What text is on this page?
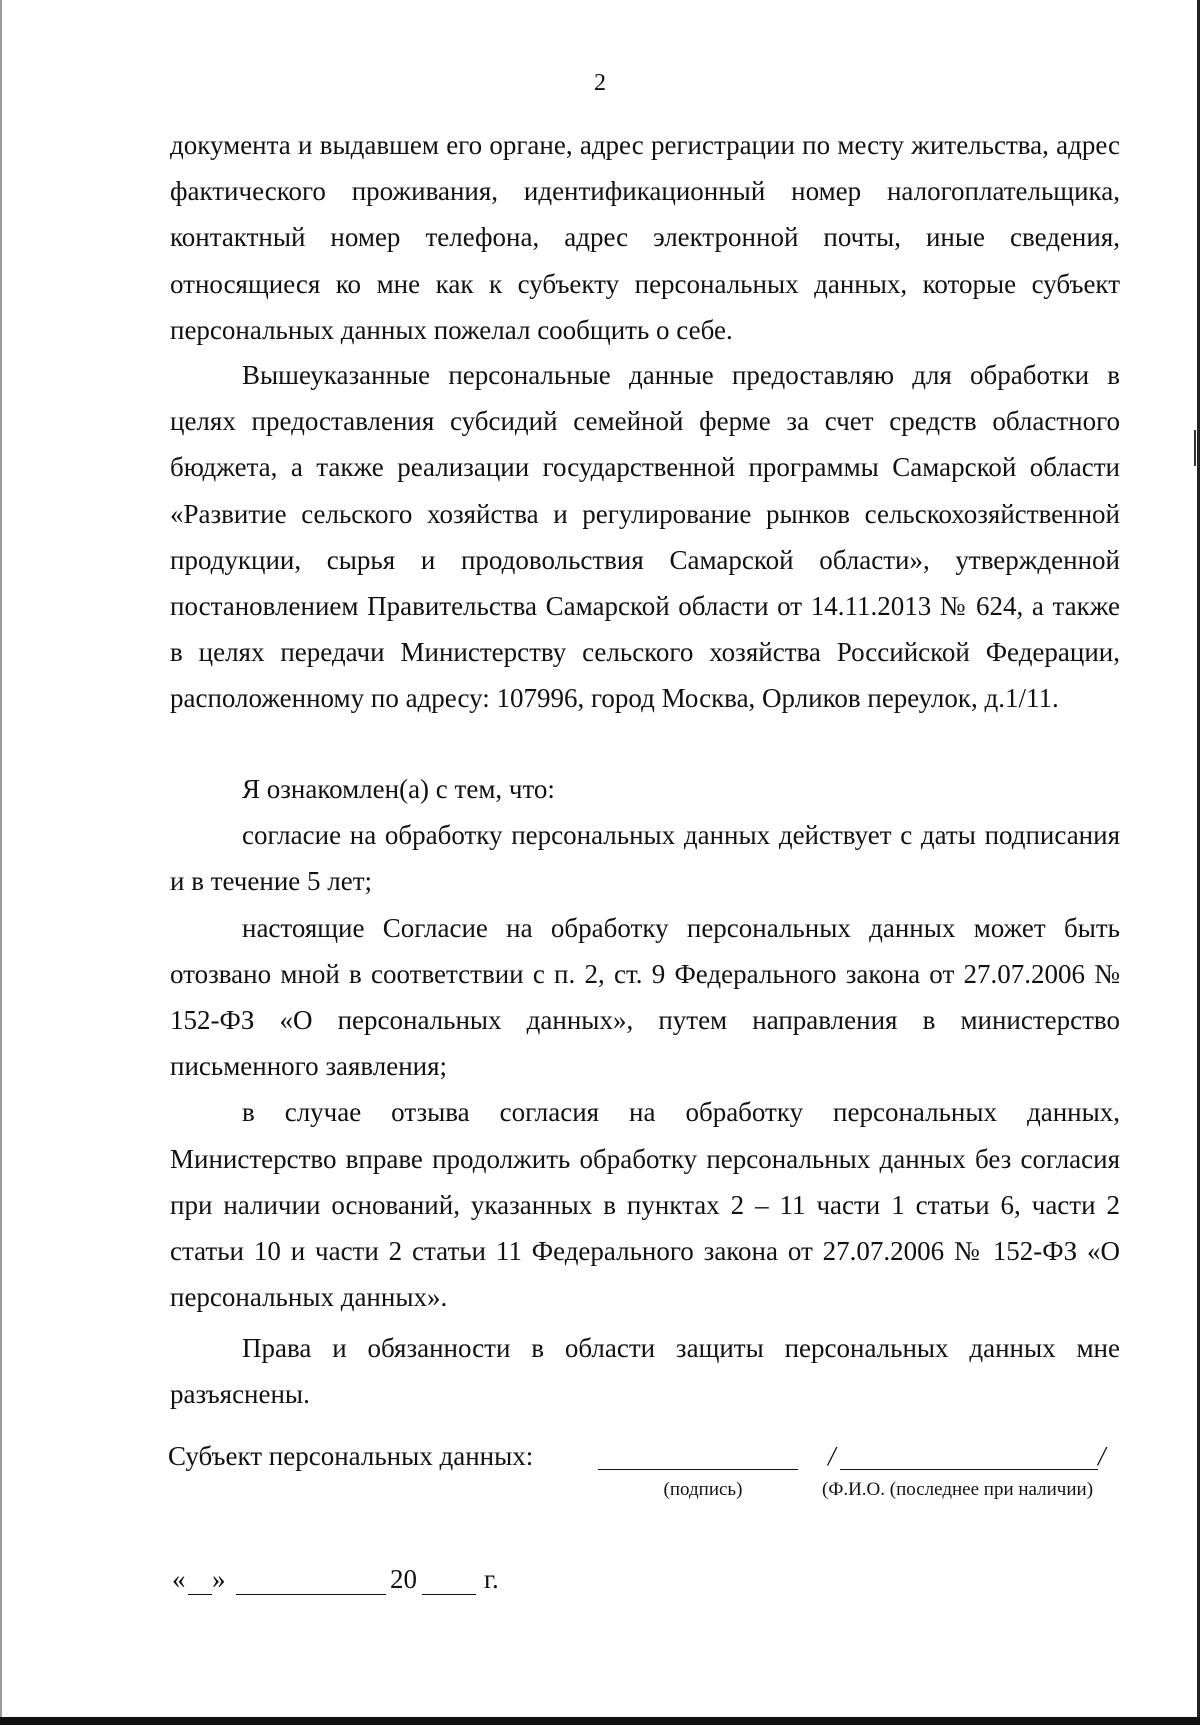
2

документа и выдавшем его органе, адрес регистрации по месту жительства, адрес фактического проживания, идентификационный номер налогоплательщика, контактный номер телефона, адрес электронной почты, иные сведения, относящиеся ко мне как к субъекту персональных данных, которые субъект персональных данных пожелал сообщить о себе.

Вышеуказанные персональные данные предоставляю для обработки в целях предоставления субсидий семейной ферме за счет средств областного бюджета, а также реализации государственной программы Самарской области «Развитие сельского хозяйства и регулирование рынков сельскохозяйственной продукции, сырья и продовольствия Самарской области», утвержденной постановлением Правительства Самарской области от 14.11.2013 № 624, а также в целях передачи Министерству сельского хозяйства Российской Федерации, расположенному по адресу: 107996, город Москва, Орликов переулок, д.1/11.

Я ознакомлен(а) с тем, что:

согласие на обработку персональных данных действует с даты подписания и в течение 5 лет;

настоящие Согласие на обработку персональных данных может быть отозвано мной в соответствии с п. 2, ст. 9 Федерального закона от 27.07.2006 № 152-ФЗ «О персональных данных», путем направления в министерство письменного заявления;

в случае отзыва согласия на обработку персональных данных, Министерство вправе продолжить обработку персональных данных без согласия при наличии оснований, указанных в пунктах 2 – 11 части 1 статьи 6, части 2 статьи 10 и части 2 статьи 11 Федерального закона от 27.07.2006 № 152-ФЗ «О персональных данных».

Права и обязанности в области защиты персональных данных мне разъяснены.

Субъект персональных данных:
(подпись)
/	/
(Ф.И.О. (последнее при наличии)
« »	20 г.
